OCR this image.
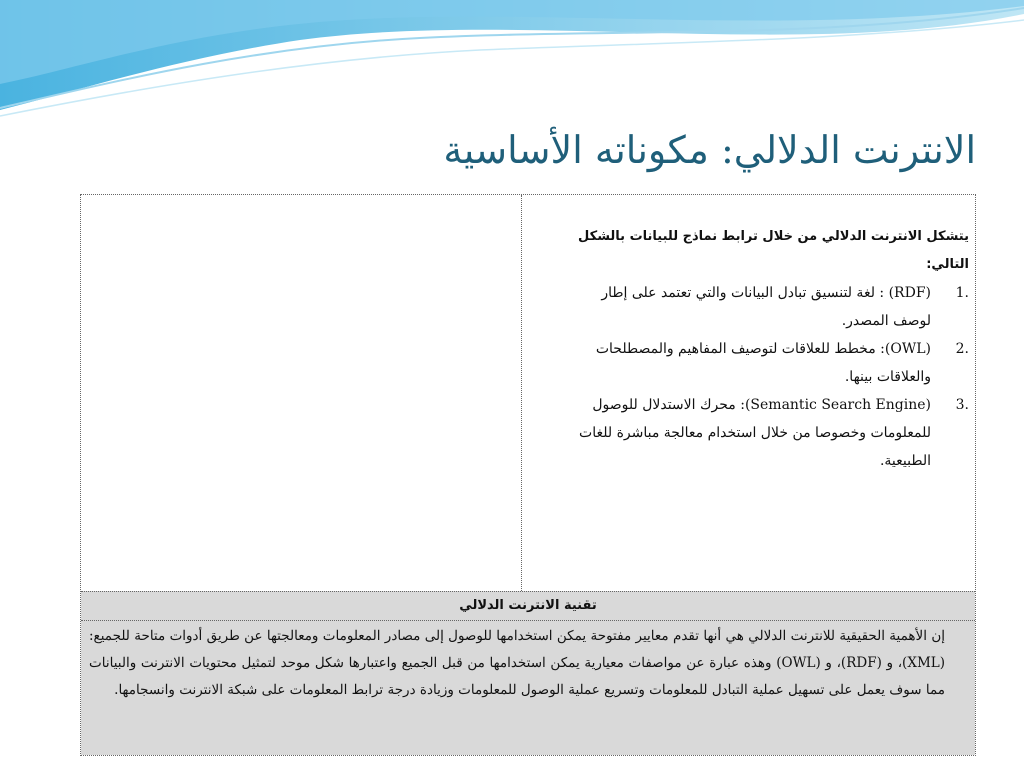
الانترنت الدلالي: مكوناته الأساسية
يتشكل الانترنت الدلالي من خلال ترابط نماذج للبيانات بالشكل التالي:
1.
(RDF) : لغة لتنسيق تبادل البيانات والتي تعتمد على إطار لوصف المصدر.
2.
(OWL): مخطط للعلاقات لتوصيف المفاهيم والمصطلحات والعلاقات بينها.
3.
(Semantic Search Engine): محرك الاستدلال للوصول للمعلومات وخصوصا من خلال استخدام معالجة مباشرة للغات الطبيعية.
تقنية الانترنت الدلالي
إن الأهمية الحقيقية للانترنت الدلالي هي أنها تقدم معايير مفتوحة يمكن استخدامها للوصول إلى مصادر المعلومات ومعالجتها عن طريق أدوات متاحة للجميع: (XML)، و (RDF)، و (OWL) وهذه عبارة عن مواصفات معيارية يمكن استخدامها من قبل الجميع واعتبارها شكل موحد لتمثيل محتويات الانترنت والبيانات مما سوف يعمل على تسهيل عملية التبادل للمعلومات وتسريع عملية الوصول للمعلومات وزيادة درجة ترابط المعلومات على شبكة الانترنت وانسجامها.
